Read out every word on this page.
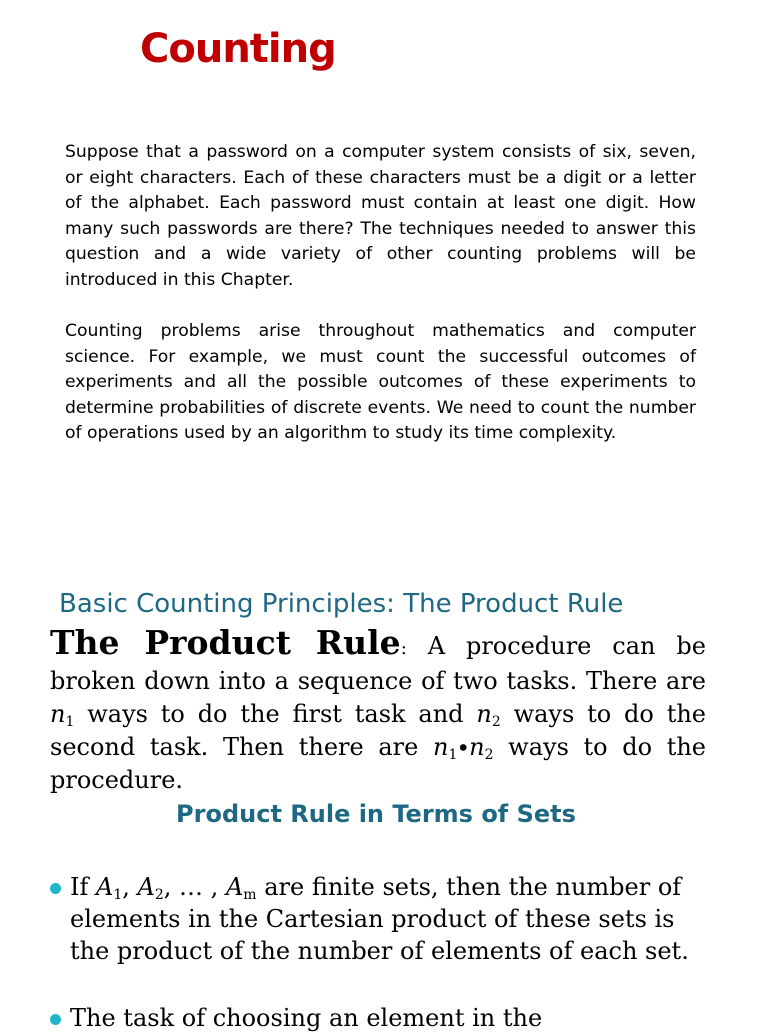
Counting

Suppose that a password on a computer system consists of six, seven, or eight characters. Each of these characters must be a digit or a letter of the alphabet. Each password must contain at least one digit. How many such passwords are there? The techniques needed to answer this question and a wide variety of other counting problems will be introduced in this Chapter.

Counting problems arise throughout mathematics and computer science. For example, we must count the successful outcomes of experiments and all the possible outcomes of these experiments to determine probabilities of discrete events. We need to count the number of operations used by an algorithm to study its time complexity.

Basic Counting Principles: The Product Rule
The Product Rule: A procedure can be broken down into a sequence of two tasks. There are $n_1$ ways to do the first task and $n_2$ ways to do the second task. Then there are $n_1\cdot n_2$ ways to do the procedure.
Product Rule in Terms of Sets
If $A_1$, $A_2$, … , $A_m$ are finite sets, then the number of elements in the Cartesian product of these sets is the product of the number of elements of each set.
The task of choosing an element in the
